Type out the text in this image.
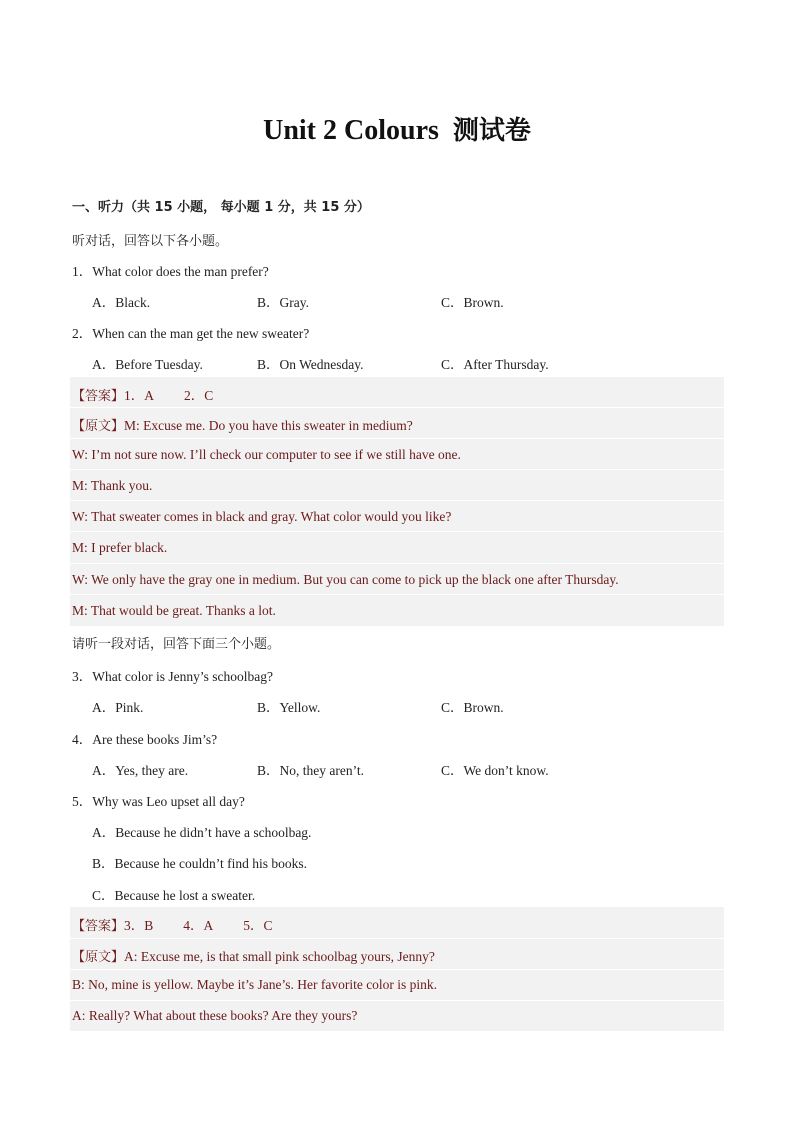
Unit 2 Colours 测试卷
一、听力（共 15 小题， 每小题 1 分，共 15 分）
听对话，回答以下各小题。
1．What color does the man prefer?
A．Black.	B．Gray.	C．Brown.
2．When can the man get the new sweater?
A．Before Tuesday.	B．On Wednesday.	C．After Thursday.
【答案】1．A 2．C
【原文】M: Excuse me. Do you have this sweater in medium?
W: I’m not sure now. I’ll check our computer to see if we still have one.
M: Thank you.
W: That sweater comes in black and gray. What color would you like?
M: I prefer black.
W: We only have the gray one in medium. But you can come to pick up the black one after Thursday.
M: That would be great. Thanks a lot.
请听一段对话，回答下面三个小题。
3．What color is Jenny’s schoolbag?
A．Pink.	B．Yellow.	C．Brown.
4．Are these books Jim’s?
A．Yes, they are.	B．No, they aren’t.	C．We don’t know.
5．Why was Leo upset all day?
A．Because he didn’t have a schoolbag.
B．Because he couldn’t find his books.
C．Because he lost a sweater.
【答案】3．B 4．A 5．C
【原文】A: Excuse me, is that small pink schoolbag yours, Jenny?
B: No, mine is yellow. Maybe it’s Jane’s. Her favorite color is pink.
A: Really? What about these books? Are they yours?
